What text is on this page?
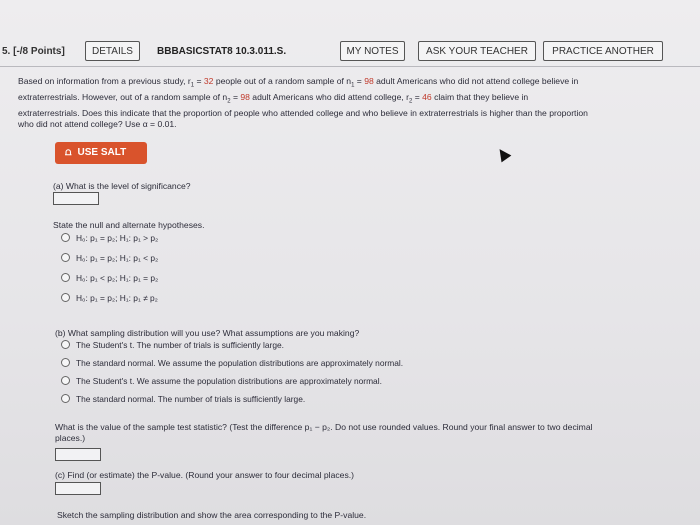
5. [-/8 Points]	DETAILS	BBBASICSTAT8 10.3.011.S.	MY NOTES	ASK YOUR TEACHER	PRACTICE ANOTHER
Based on information from a previous study, $r_1 = 32$ people out of a random sample of $n_1 = 98$ adult Americans who did not attend college believe in
extraterrestrials. However, out of a random sample of $n_2 = 98$ adult Americans who did attend college, $r_2 = 46$ claim that they believe in
extraterrestrials. Does this indicate that the proportion of people who attended college and who believe in extraterrestrials is higher than the proportion
who did not attend college? Use α = 0.01.
⩍ USE SALT
(a) What is the level of significance?
State the null and alternate hypotheses.
H₀: p₁ = p₂; H₁: p₁ > p₂
H₀: p₁ = p₂; H₁: p₁ < p₂
H₀: p₁ < p₂; H₁: p₁ = p₂
H₀: p₁ = p₂; H₁: p₁ ≠ p₂
(b) What sampling distribution will you use? What assumptions are you making?
The Student's t. The number of trials is sufficiently large.
The standard normal. We assume the population distributions are approximately normal.
The Student's t. We assume the population distributions are approximately normal.
The standard normal. The number of trials is sufficiently large.
What is the value of the sample test statistic? (Test the difference p₁ − p₂. Do not use rounded values. Round your final answer to two decimal
places.)
(c) Find (or estimate) the P-value. (Round your answer to four decimal places.)
Sketch the sampling distribution and show the area corresponding to the P-value.
